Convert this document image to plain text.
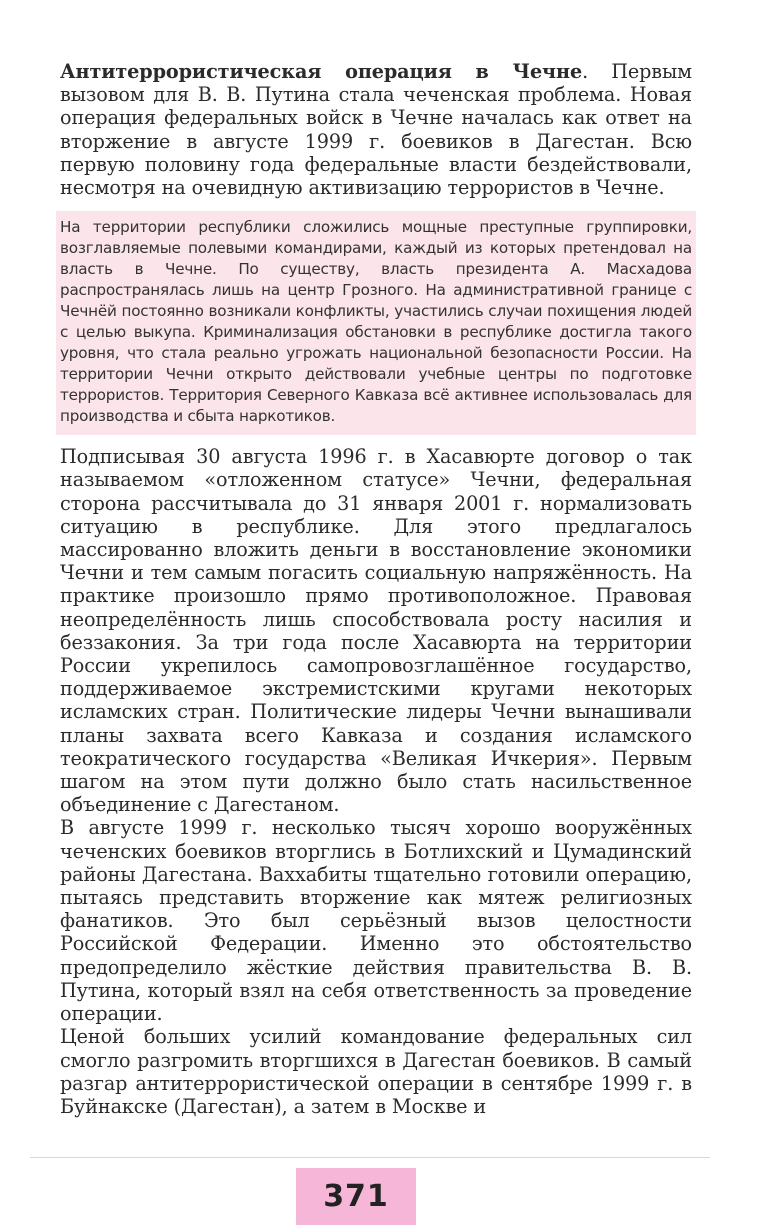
Антитеррористическая операция в Чечне. Первым вызовом для В. В. Путина стала чеченская проблема. Новая операция федеральных войск в Чечне началась как ответ на вторжение в августе 1999 г. боевиков в Дагестан. Всю первую половину года федеральные власти бездействовали, несмотря на очевидную активизацию террористов в Чечне.

На территории республики сложились мощные преступные группировки, возглавляемые полевыми командирами, каждый из которых претендовал на власть в Чечне. По существу, власть президента А. Масхадова распространялась лишь на центр Грозного. На административной границе с Чечнёй постоянно возникали конфликты, участились случаи похищения людей с целью выкупа. Криминализация обстановки в республике достигла такого уровня, что стала реально угрожать национальной безопасности России. На территории Чечни открыто действовали учебные центры по подготовке террористов. Территория Северного Кавказа всё активнее использовалась для производства и сбыта наркотиков.

Подписывая 30 августа 1996 г. в Хасавюрте договор о так называемом «отложенном статусе» Чечни, федеральная сторона рассчитывала до 31 января 2001 г. нормализовать ситуацию в республике. Для этого предлагалось массированно вложить деньги в восстановление экономики Чечни и тем самым погасить социальную напряжённость. На практике произошло прямо противоположное. Правовая неопределённость лишь способствовала росту насилия и беззакония. За три года после Хасавюрта на территории России укрепилось самопровозглашённое государство, поддерживаемое экстремистскими кругами некоторых исламских стран. Политические лидеры Чечни вынашивали планы захвата всего Кавказа и создания исламского теократического государства «Великая Ичкерия». Первым шагом на этом пути должно было стать насильственное объединение с Дагестаном.

В августе 1999 г. несколько тысяч хорошо вооружённых чеченских боевиков вторглись в Ботлихский и Цумадинский районы Дагестана. Ваххабиты тщательно готовили операцию, пытаясь представить вторжение как мятеж религиозных фанатиков. Это был серьёзный вызов целостности Российской Федерации. Именно это обстоятельство предопределило жёсткие действия правительства В. В. Путина, который взял на себя ответственность за проведение операции.

Ценой больших усилий командование федеральных сил смогло разгромить вторгшихся в Дагестан боевиков. В самый разгар антитеррористической операции в сентябре 1999 г. в Буйнакске (Дагестан), а затем в Москве и

371
